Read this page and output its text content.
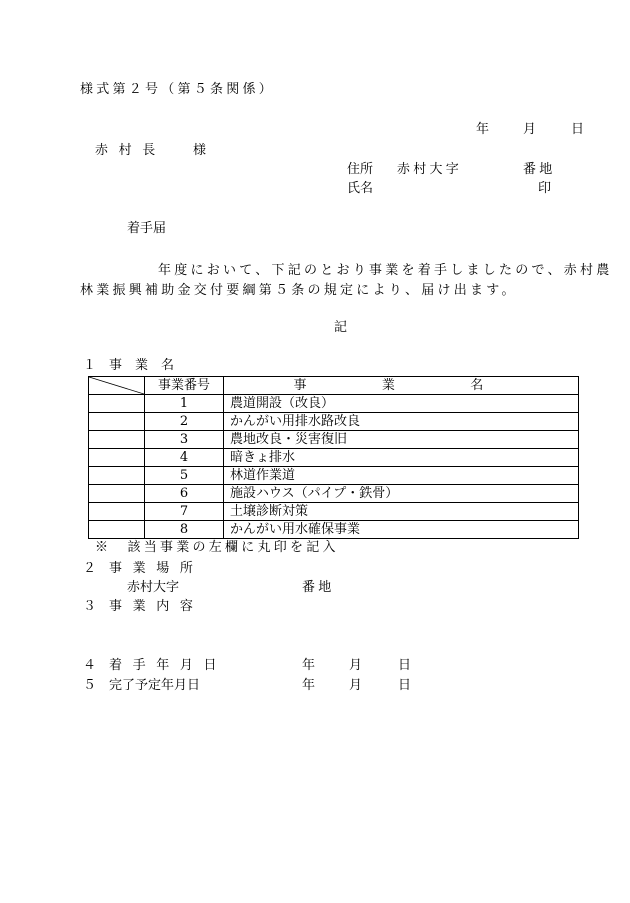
様式第２号（第５条関係）
年	月	日
赤 村 長	様
住所 赤村大字	番地
氏名	印
着手届
年度において、下記のとおり事業を着手しましたので、赤村農
林業振興補助金交付要綱第５条の規定により、届け出ます。
記
１ 事　業　名
	事業番号	事　業　名
	1	農道開設（改良）
	2	かんがい用排水路改良
	3	農地改良・災害復旧
	4	暗きょ排水
	5	林道作業道
	6	施設ハウス（パイプ・鉄骨）
	7	土壌診断対策
	8	かんがい用水確保事業
※　該当事業の左欄に丸印を記入
２ 事 業 場 所
赤村大字	番地
３ 事 業 内 容
４ 着 手 年 月 日	年	月	日
５ 完了予定年月日	年	月	日
